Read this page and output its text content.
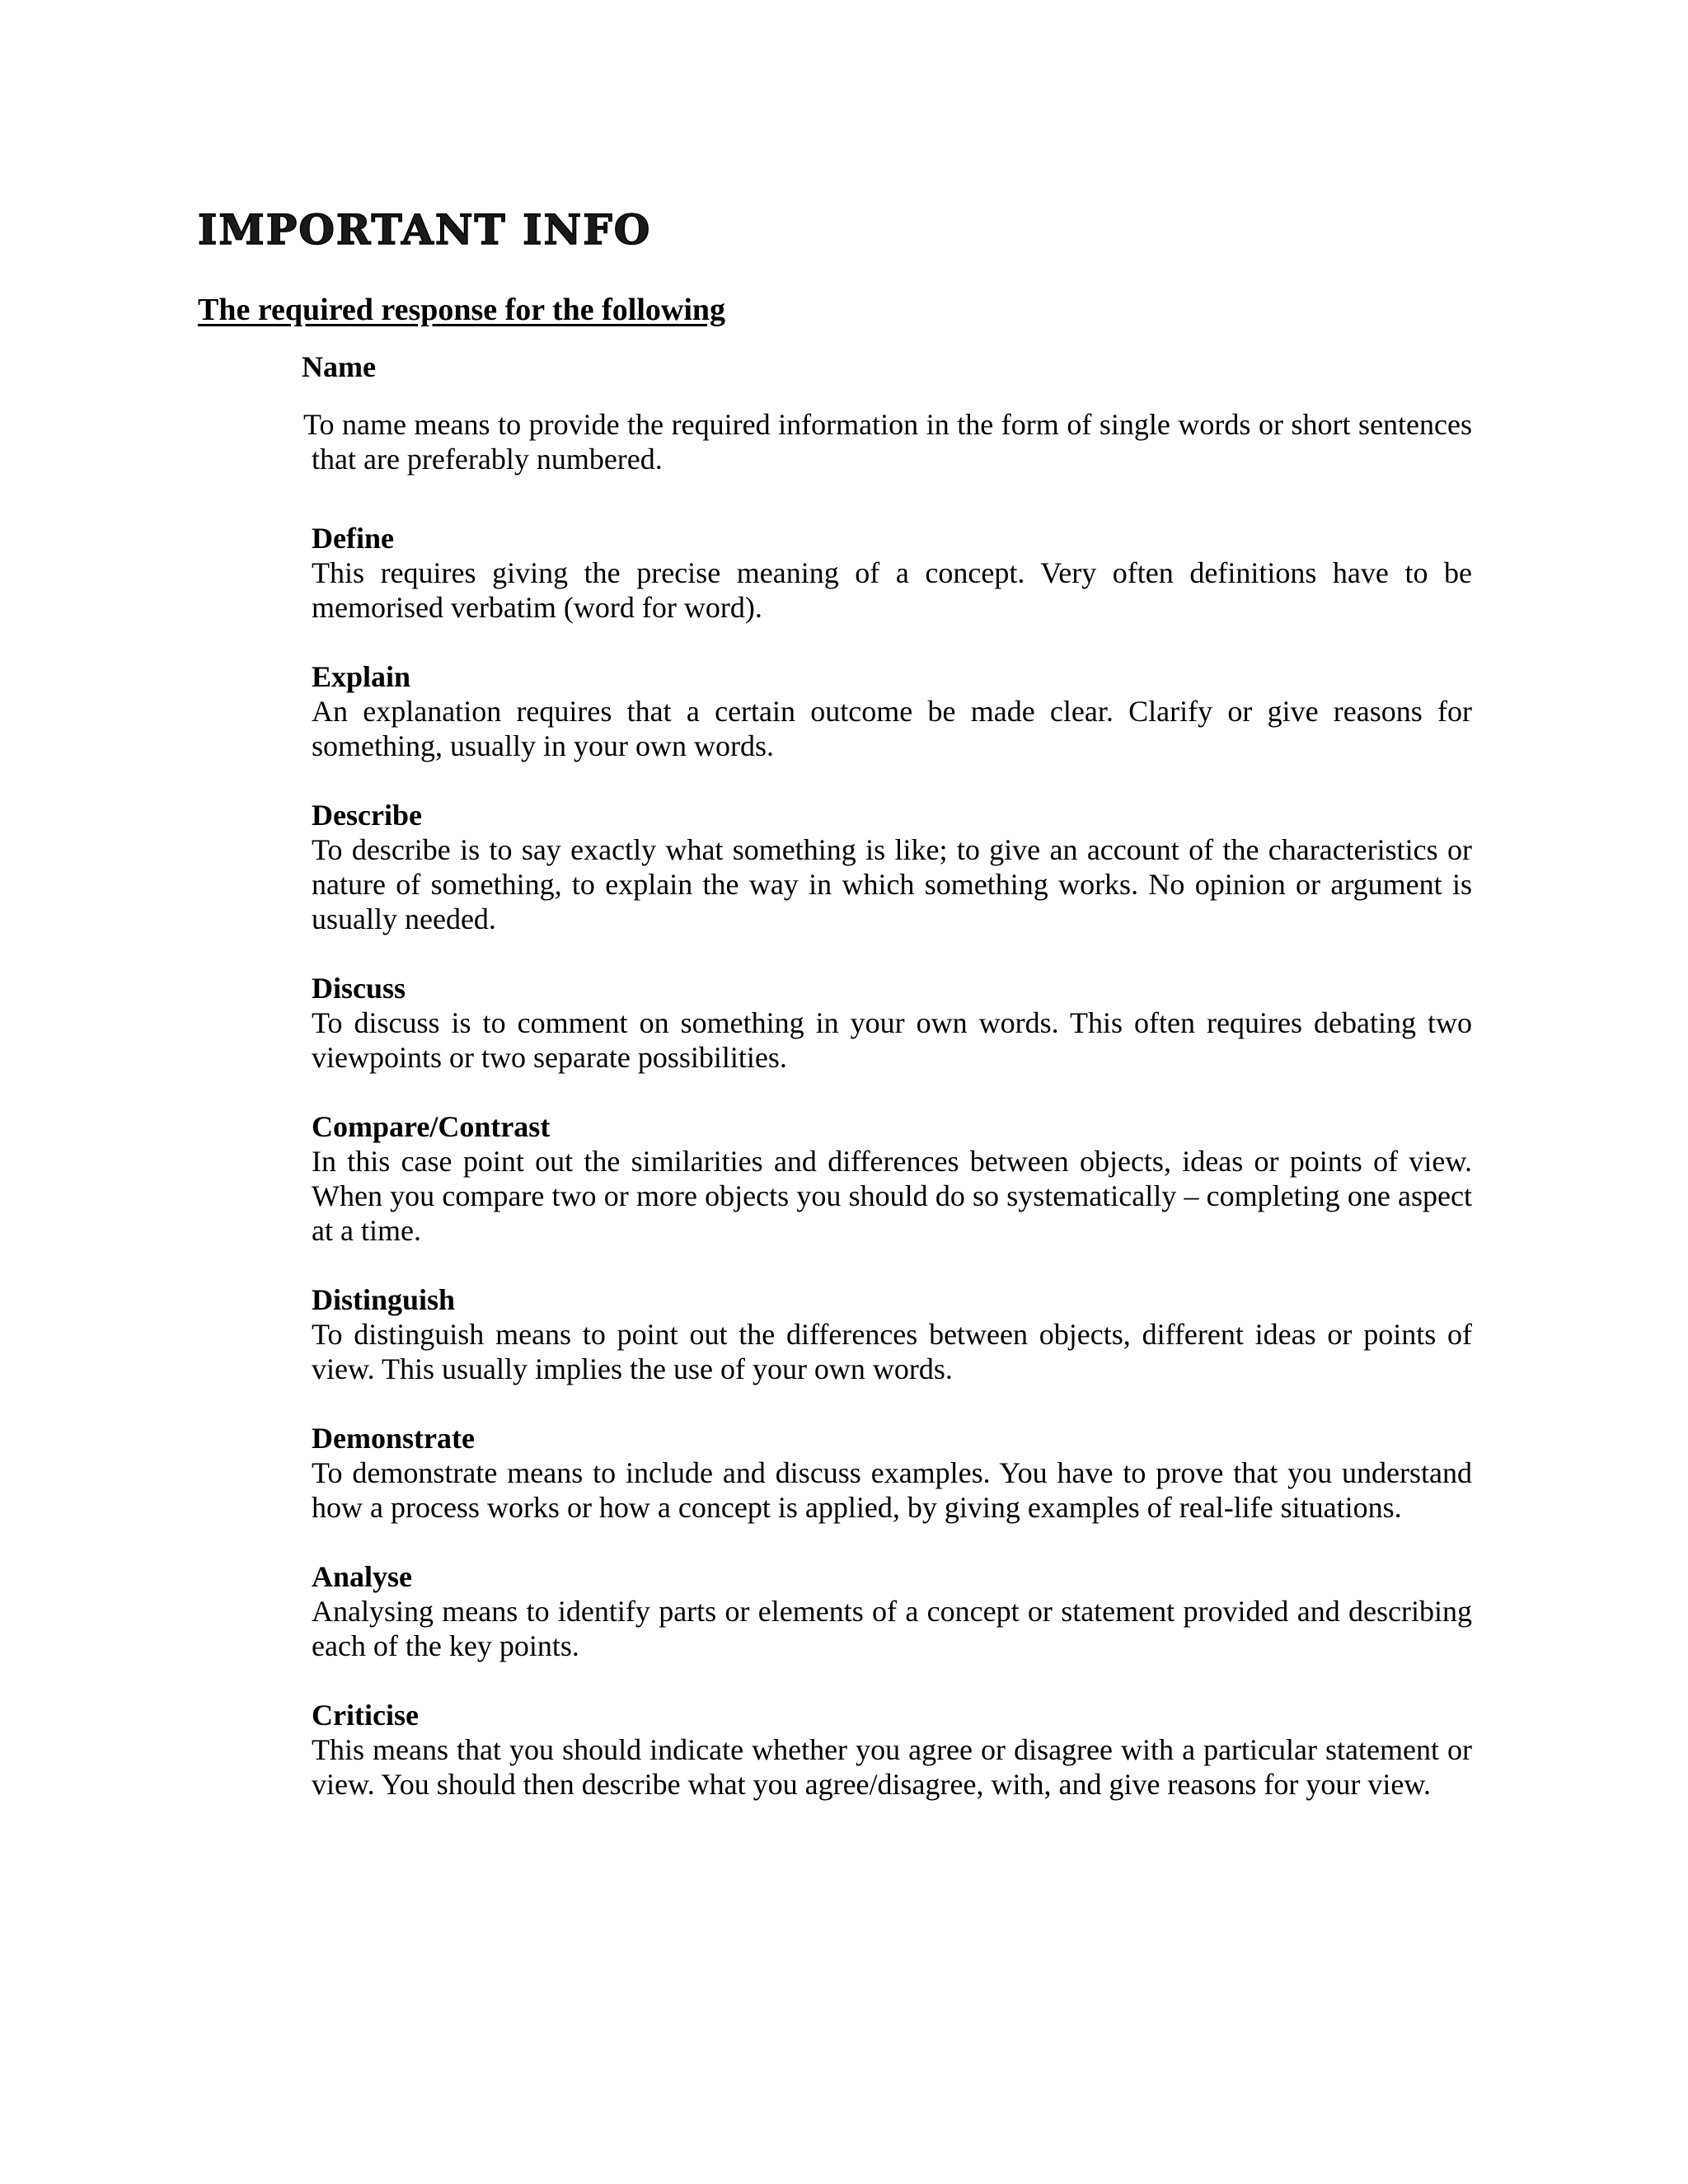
IMPORTANT INFO
The required response for the following

Name

To name means to provide the required information in the form of single words or short sentences that are preferably numbered.

Define

This requires giving the precise meaning of a concept. Very often definitions have to be memorised verbatim (word for word).

Explain

An explanation requires that a certain outcome be made clear. Clarify or give reasons for something, usually in your own words.

Describe

To describe is to say exactly what something is like; to give an account of the characteristics or nature of something, to explain the way in which something works. No opinion or argument is usually needed.

Discuss

To discuss is to comment on something in your own words. This often requires debating two viewpoints or two separate possibilities.

Compare/Contrast

In this case point out the similarities and differences between objects, ideas or points of view. When you compare two or more objects you should do so systematically – completing one aspect at a time.

Distinguish

To distinguish means to point out the differences between objects, different ideas or points of view. This usually implies the use of your own words.

Demonstrate

To demonstrate means to include and discuss examples. You have to prove that you understand how a process works or how a concept is applied, by giving examples of real-life situations.

Analyse

Analysing means to identify parts or elements of a concept or statement provided and describing each of the key points.

Criticise

This means that you should indicate whether you agree or disagree with a particular statement or view. You should then describe what you agree/disagree, with, and give reasons for your view.
